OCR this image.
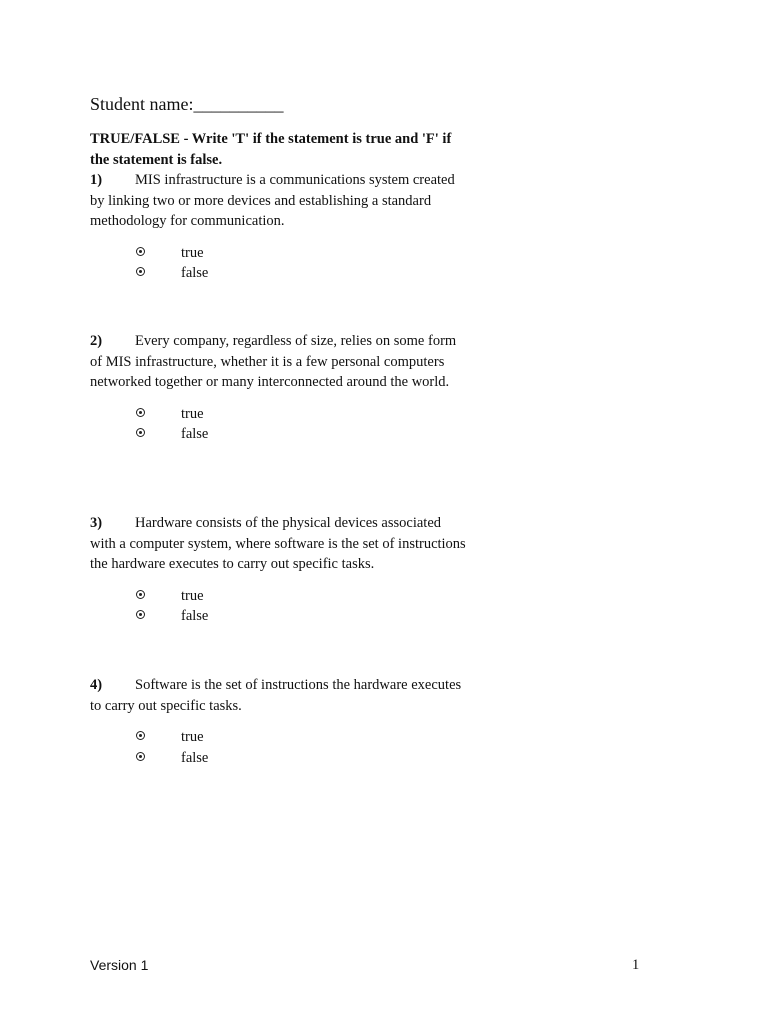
Student name:__________
TRUE/FALSE - Write 'T' if the statement is true and 'F' if the statement is false.

1) MIS infrastructure is a communications system created by linking two or more devices and establishing a standard methodology for communication.

true
false

2) Every company, regardless of size, relies on some form of MIS infrastructure, whether it is a few personal computers networked together or many interconnected around the world.

true
false

3) Hardware consists of the physical devices associated with a computer system, where software is the set of instructions the hardware executes to carry out specific tasks.

true
false

4) Software is the set of instructions the hardware executes to carry out specific tasks.

true
false
Version 1	1
